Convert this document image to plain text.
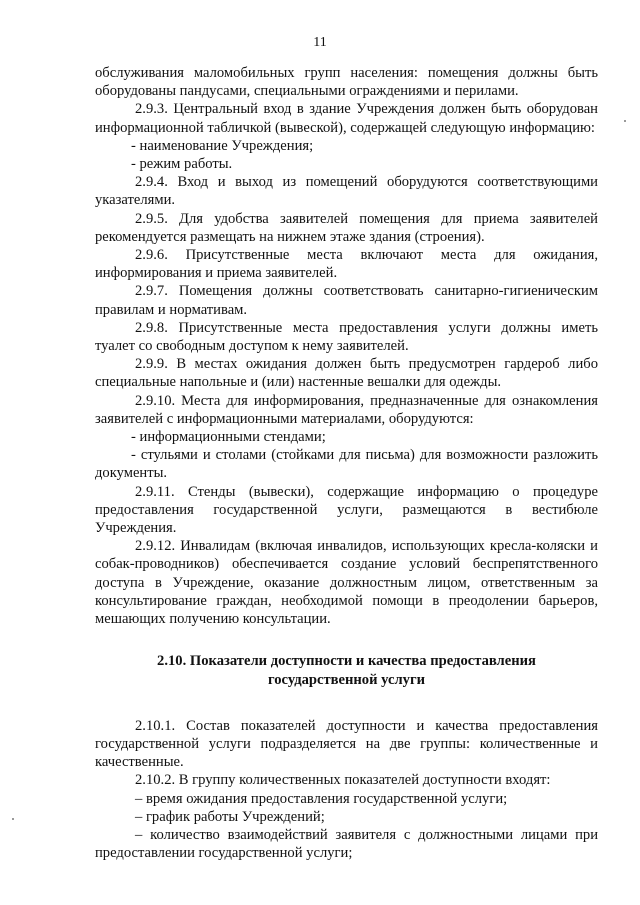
11

обслуживания маломобильных групп населения: помещения должны быть оборудованы пандусами, специальными ограждениями и перилами.

2.9.3. Центральный вход в здание Учреждения должен быть оборудован информационной табличкой (вывеской), содержащей следующую информацию:

- наименование Учреждения;

- режим работы.

2.9.4. Вход и выход из помещений оборудуются соответствующими указателями.

2.9.5. Для удобства заявителей помещения для приема заявителей рекомендуется размещать на нижнем этаже здания (строения).

2.9.6. Присутственные места включают места для ожидания, информирования и приема заявителей.

2.9.7. Помещения должны соответствовать санитарно-гигиеническим правилам и нормативам.

2.9.8. Присутственные места предоставления услуги должны иметь туалет со свободным доступом к нему заявителей.

2.9.9. В местах ожидания должен быть предусмотрен гардероб либо специальные напольные и (или) настенные вешалки для одежды.

2.9.10. Места для информирования, предназначенные для ознакомления заявителей с информационными материалами, оборудуются:

- информационными стендами;

- стульями и столами (стойками для письма) для возможности разложить документы.

2.9.11. Стенды (вывески), содержащие информацию о процедуре предоставления государственной услуги, размещаются в вестибюле Учреждения.

2.9.12. Инвалидам (включая инвалидов, использующих кресла-коляски и собак-проводников) обеспечивается создание условий беспрепятственного доступа в Учреждение, оказание должностным лицом, ответственным за консультирование граждан, необходимой помощи в преодолении барьеров, мешающих получению консультации.

2.10. Показатели доступности и качества предоставления государственной услуги

2.10.1. Состав показателей доступности и качества предоставления государственной услуги подразделяется на две группы: количественные и качественные.

2.10.2. В группу количественных показателей доступности входят:

– время ожидания предоставления государственной услуги;

– график работы Учреждений;

– количество взаимодействий заявителя с должностными лицами при предоставлении государственной услуги;
